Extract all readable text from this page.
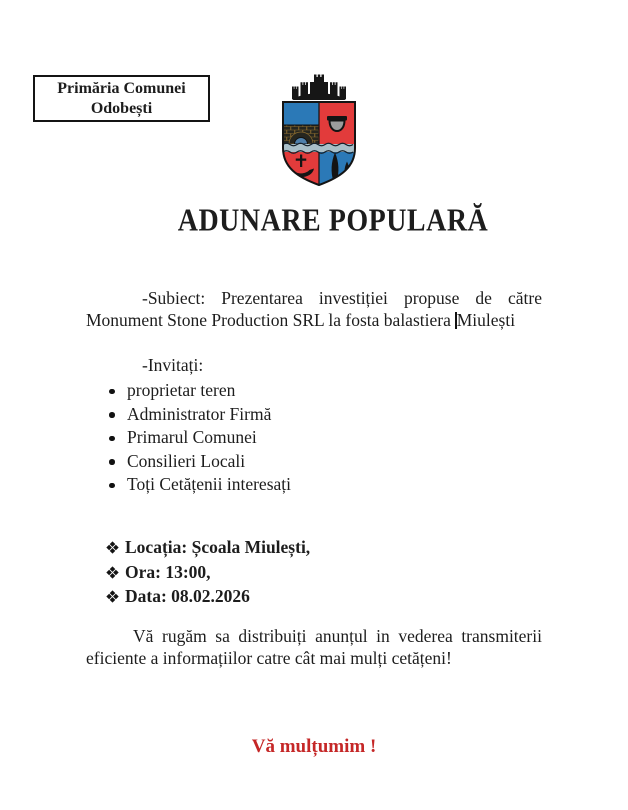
Primăria Comunei
Odobești
ADUNARE POPULARĂ

-Subiect: Prezentarea investiției propuse de către Monument Stone Production SRL la fosta balastiera Miulești

-Invitați:

proprietar teren
Administrator Firmă
Primarul Comunei
Consilieri Locali
Toți Cetățenii interesați

Locația: Școala Miulești,

Ora: 13:00,

Data: 08.02.2026

Vă rugăm sa distribuiți anunțul in vederea transmiterii eficiente a informațiilor catre cât mai mulți cetățeni!

Vă mulțumim !
